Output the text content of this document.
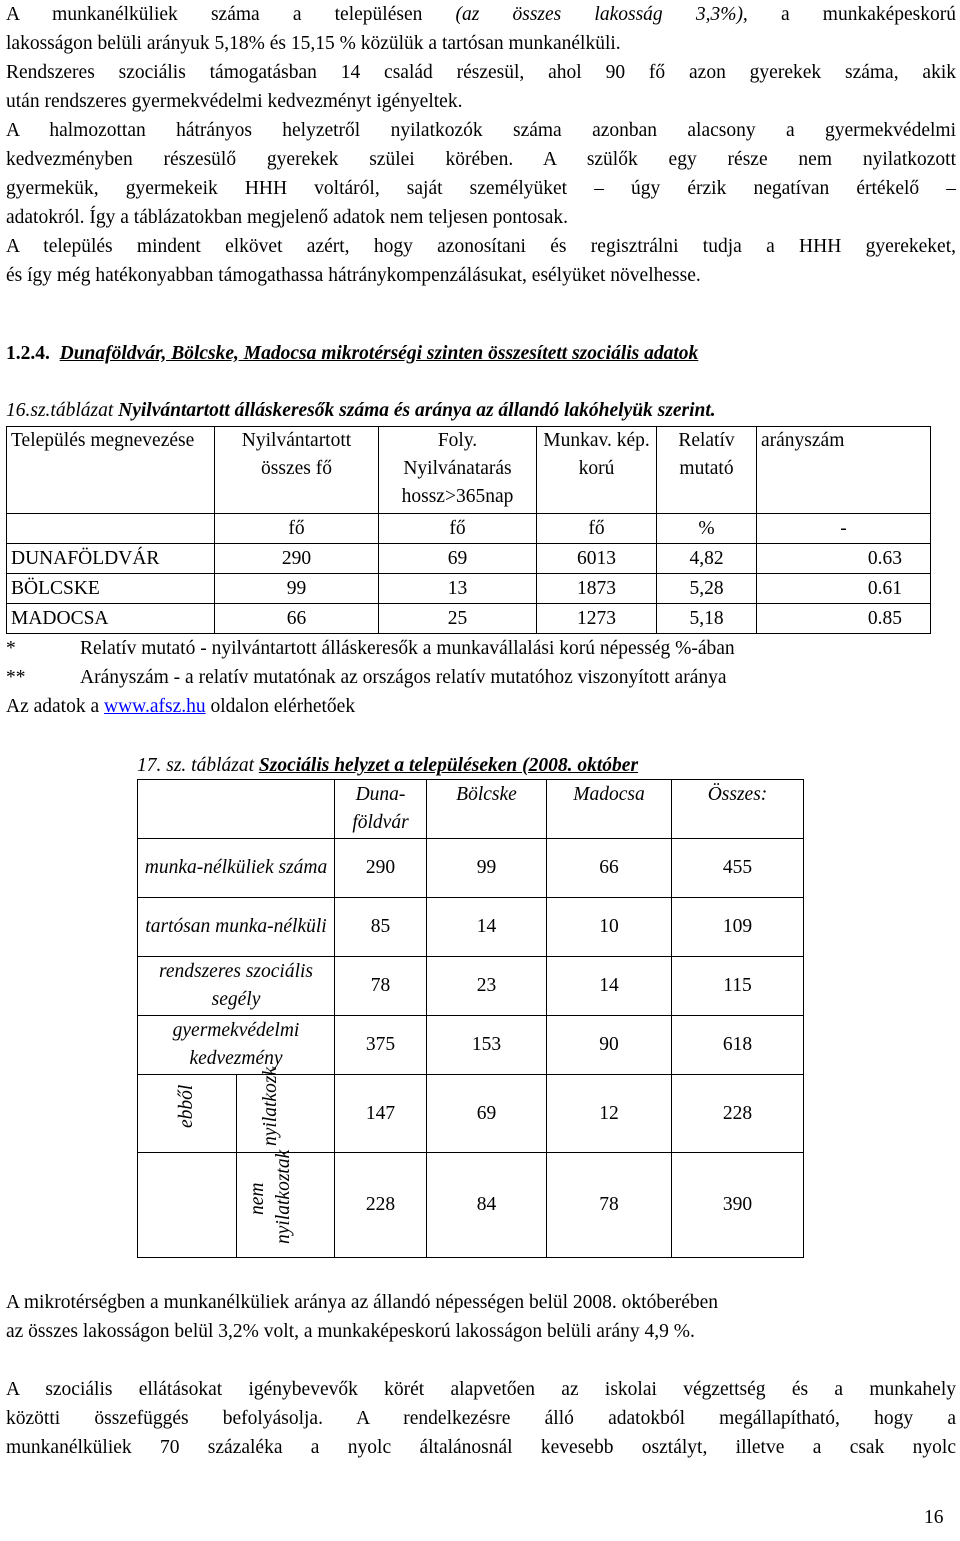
A munkanélküliek száma a településen (az összes lakosság 3,3%), a munkaképeskorú
lakosságon belüli arányuk 5,18% és 15,15 % közülük a tartósan munkanélküli.
Rendszeres szociális támogatásban 14 család részesül, ahol 90 fő azon gyerekek száma, akik
után rendszeres gyermekvédelmi kedvezményt igényeltek.
A halmozottan hátrányos helyzetről nyilatkozók száma azonban alacsony a gyermekvédelmi
kedvezményben részesülő gyerekek szülei körében. A szülők egy része nem nyilatkozott
gyermekük, gyermekeik HHH voltáról, saját személyüket – úgy érzik negatívan értékelő –
adatokról. Így a táblázatokban megjelenő adatok nem teljesen pontosak.
A település mindent elkövet azért, hogy azonosítani és regisztrálni tudja a HHH gyerekeket,
és így még hatékonyabban támogathassa hátránykompenzálásukat, esélyüket növelhesse.
1.2.4. Dunaföldvár, Bölcske, Madocsa mikrotérségi szinten összesített szociális adatok
16.sz.táblázat Nyilvántartott álláskeresők száma és aránya az állandó lakóhelyük szerint.
Település megnevezése	Nyilvántartott összes fő	Foly. Nyilvánatarás hossz>365nap	Munkav. kép. korú	Relatív mutató	arányszám
	fő	fő	fő	%	-
DUNAFÖLDVÁR	290	69	6013	4,82	0.63
BÖLCSKE	99	13	1873	5,28	0.61
MADOCSA	66	25	1273	5,18	0.85
*	Relatív mutató - nyilvántartott álláskeresők a munkavállalási korú népesség %-ában
**	Arányszám - a relatív mutatónak az országos relatív mutatóhoz viszonyított aránya
Az adatok a www.afsz.hu oldalon elérhetőek
17. sz. táblázat Szociális helyzet a településeken (2008. október
		Duna-földvár	Bölcske	Madocsa	Összes:
munka-nélküliek száma		290	99	66	455
tartósan munka-nélküli		85	14	10	109
rendszeres szociális segély		78	23	14	115
gyermekvédelmi kedvezmény		375	153	90	618

ebből	nyilatkozk	147	69	12	228

	nem nyilatkoztak	228	84	78	390
A mikrotérségben a munkanélküliek aránya az állandó népességen belül 2008. októberében
az összes lakosságon belül 3,2% volt, a munkaképeskorú lakosságon belüli arány 4,9 %.
A szociális ellátásokat igénybevevők körét alapvetően az iskolai végzettség és a munkahely
közötti összefüggés befolyásolja. A rendelkezésre álló adatokból megállapítható, hogy a
munkanélküliek 70 százaléka a nyolc általánosnál kevesebb osztályt, illetve a csak nyolc
16
